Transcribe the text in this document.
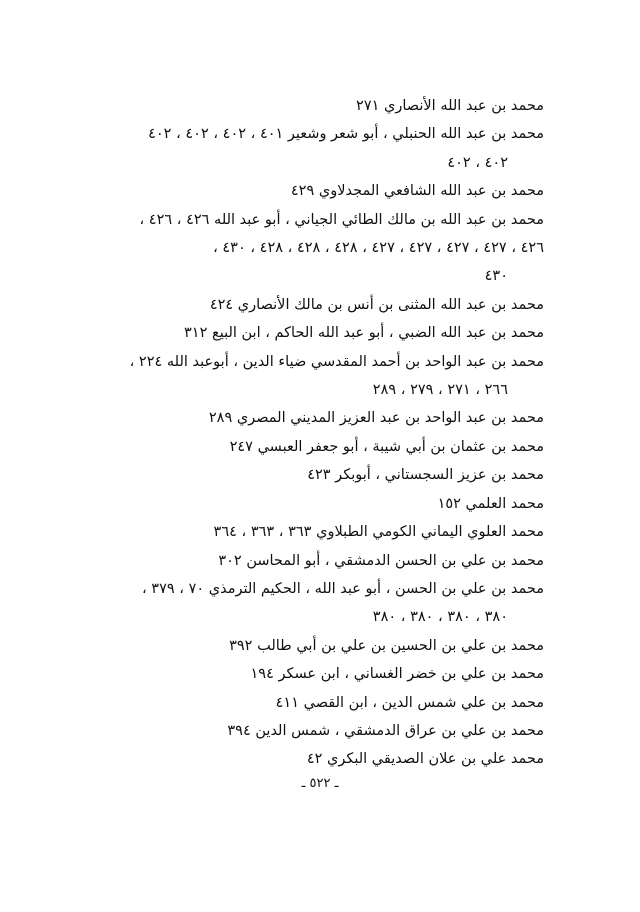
محمد بن عبد الله الأنصاري ٢٧١
محمد بن عبد الله الحنبلي ، أبو شعر وشعير ٤٠١ ، ٤٠٢ ، ٤٠٢ ، ٤٠٢
٤٠٢ ، ٤٠٢
محمد بن عبد الله الشافعي المجدلاوي ٤٢٩
محمد بن عبد الله بن مالك الطائي الجياني ، أبو عبد الله ٤٢٦ ، ٤٢٦ ،
٤٢٦ ، ٤٢٧ ، ٤٢٧ ، ٤٢٧ ، ٤٢٧ ، ٤٢٨ ، ٤٢٨ ، ٤٢٨ ، ٤٣٠ ،
٤٣٠
محمد بن عبد الله المثنى بن أنس بن مالك الأنصاري ٤٢٤
محمد بن عبد الله الضبي ، أبو عبد الله الحاكم ، ابن البيع ٣١٢
محمد بن عبد الواحد بن أحمد المقدسي ضياء الدين ، أبوعبد الله ٢٢٤ ،
٢٦٦ ، ٢٧١ ، ٢٧٩ ، ٢٨٩
محمد بن عبد الواحد بن عبد العزيز المديني المصري ٢٨٩
محمد بن عثمان بن أبي شيبة ، أبو جعفر العبسي ٢٤٧
محمد بن عزيز السجستاني ، أبوبكر ٤٢٣
محمد العلمي ١٥٢
محمد العلوي اليماني الكومي الطبلاوي ٣٦٣ ، ٣٦٣ ، ٣٦٤
محمد بن علي بن الحسن الدمشقي ، أبو المحاسن ٣٠٢
محمد بن علي بن الحسن ، أبو عبد الله ، الحكيم الترمذي ٧٠ ، ٣٧٩ ،
٣٨٠ ، ٣٨٠ ، ٣٨٠ ، ٣٨٠
محمد بن علي بن الحسين بن علي بن أبي طالب ٣٩٢
محمد بن علي بن خضر الغساني ، ابن عسكر ١٩٤
محمد بن علي شمس الدين ، ابن القصي ٤١١
محمد بن علي بن عراق الدمشقي ، شمس الدين ٣٩٤
محمد علي بن علان الصديقي البكري ٤٢
ـ ٥٢٢ ـ
